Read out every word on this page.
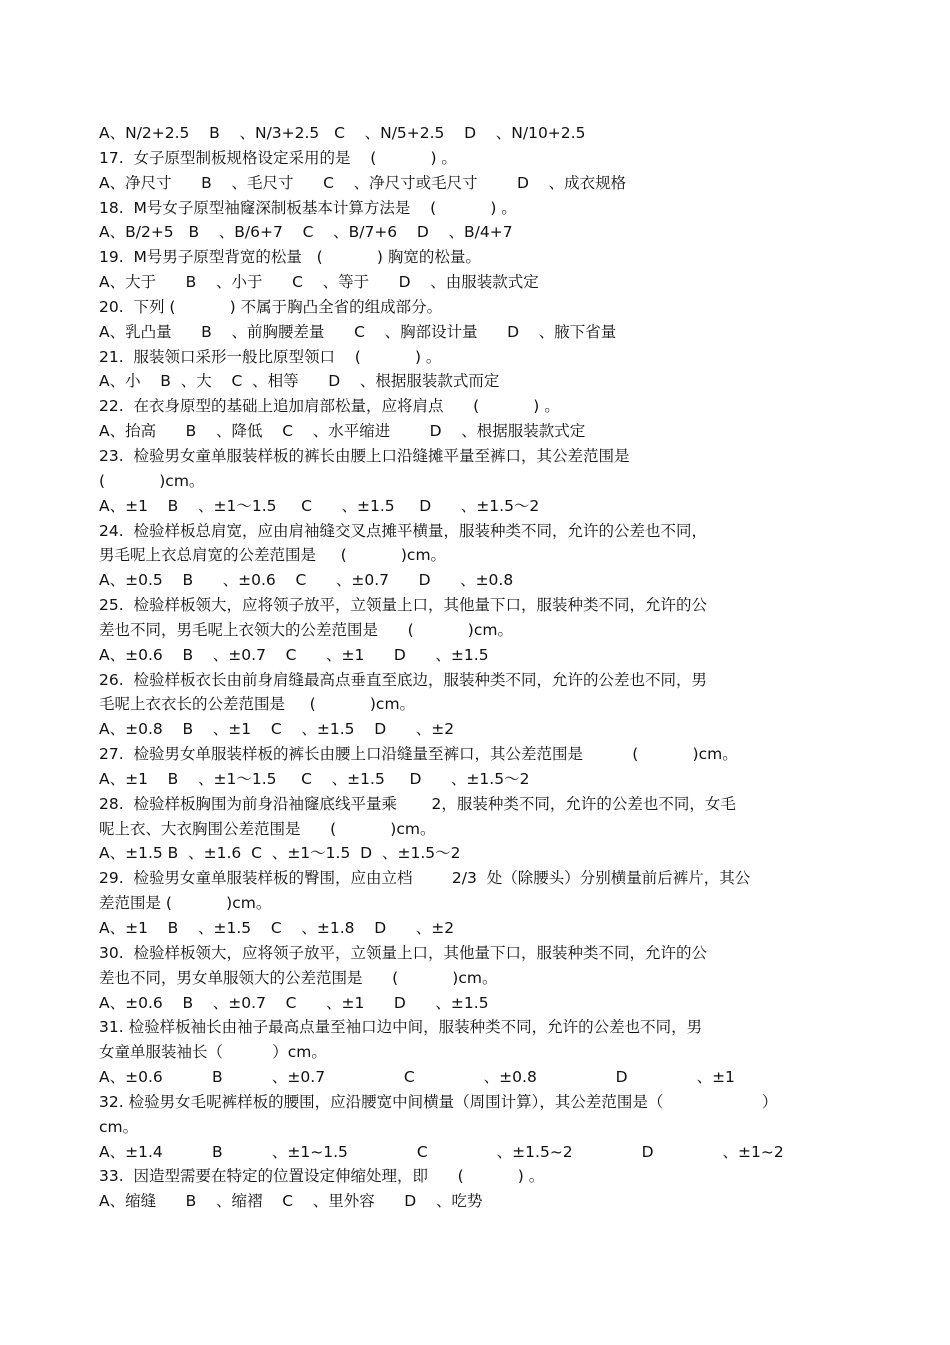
A、N/2+2.5    B    、N/3+2.5   C    、N/5+2.5    D    、N/10+2.5
17.  女子原型制板规格设定采用的是    (           ) 。
A、净尺寸      B    、毛尺寸      C    、净尺寸或毛尺寸        D    、成衣规格
18.  M号女子原型袖窿深制板基本计算方法是    (           ) 。
A、B/2+5   B    、B/6+7    C    、B/7+6    D    、B/4+7
19.  M号男子原型背宽的松量   (           ) 胸宽的松量。
A、大于      B    、小于      C    、等于      D    、由服装款式定
20.  下列 (           ) 不属于胸凸全省的组成部分。
A、乳凸量      B    、前胸腰差量      C    、胸部设计量      D    、腋下省量
21.  服装领口采形一般比原型领口    (           ) 。
A、小    B  、大    C  、相等      D    、根据服装款式而定
22.  在衣身原型的基础上追加肩部松量，应将肩点      (           ) 。
A、抬高      B    、降低    C    、水平缩进        D    、根据服装款式定
23.  检验男女童单服装样板的裤长由腰上口沿缝摊平量至裤口，其公差范围是
(           )cm。
A、±1    B    、±1～1.5     C      、±1.5     D      、±1.5～2
24.  检验样板总肩宽，应由肩袖缝交叉点摊平横量，服装种类不同，允许的公差也不同，
男毛呢上衣总肩宽的公差范围是     (           )cm。
A、±0.5    B      、±0.6    C      、±0.7      D      、±0.8
25.  检验样板领大，应将领子放平，立领量上口，其他量下口，服装种类不同，允许的公
差也不同，男毛呢上衣领大的公差范围是      (           )cm。
A、±0.6    B    、±0.7    C      、±1      D      、±1.5
26.  检验样板衣长由前身肩缝最高点垂直至底边，服装种类不同，允许的公差也不同，男
毛呢上衣衣长的公差范围是     (           )cm。
A、±0.8    B    、±1    C    、±1.5    D      、±2
27.  检验男女单服装样板的裤长由腰上口沿缝量至裤口，其公差范围是          (           )cm。
A、±1    B    、±1～1.5     C    、±1.5     D      、±1.5～2
28.  检验样板胸围为前身沿袖窿底线平量乘       2，服装种类不同，允许的公差也不同，女毛
呢上衣、大衣胸围公差范围是      (           )cm。
A、±1.5 B  、±1.6  C  、±1～1.5  D  、±1.5～2
29.  检验男女童单服装样板的臀围，应由立档        2/3  处（除腰头）分别横量前后裤片，其公
差范围是 (           )cm。
A、±1    B    、±1.5    C    、±1.8    D      、±2
30.  检验样板领大，应将领子放平，立领量上口，其他量下口，服装种类不同，允许的公
差也不同，男女单服领大的公差范围是      (           )cm。
A、±0.6    B    、±0.7    C      、±1      D      、±1.5
31. 检验样板袖长由袖子最高点量至袖口边中间，服装种类不同，允许的公差也不同，男
女童单服装袖长（          ）cm。
A、±0.6          B          、±0.7                C              、±0.8                D              、±1
32. 检验男女毛呢裤样板的腰围，应沿腰宽中间横量（周围计算），其公差范围是（                    ）
cm。
A、±1.4          B          、±1~1.5              C              、±1.5~2              D              、±1~2
33.  因造型需要在特定的位置设定伸缩处理，即      (           ) 。
A、缩缝      B    、缩褶    C    、里外容      D    、吃势
